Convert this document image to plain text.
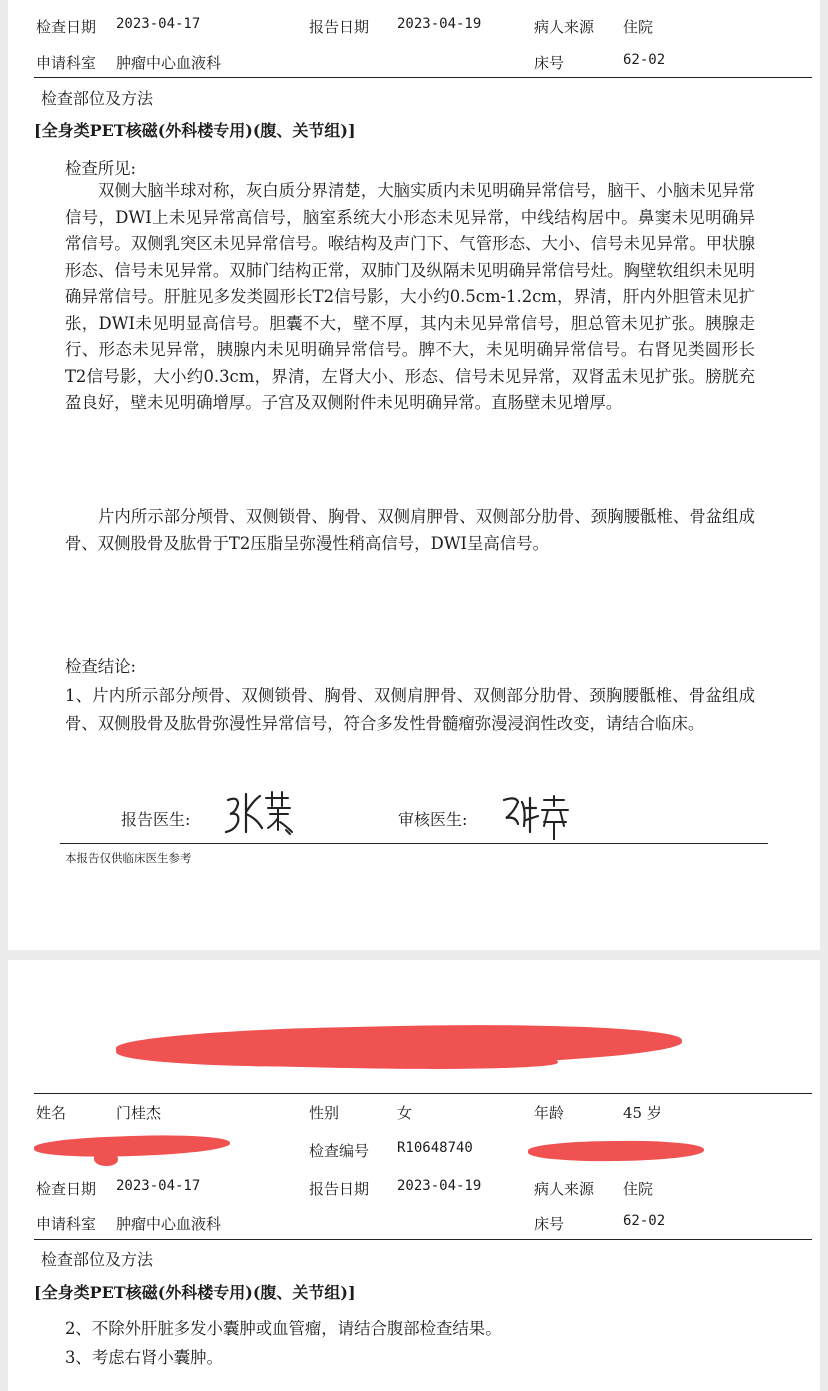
检查日期 2023-04-17	报告日期 2023-04-19	病人来源 住院
申请科室 肿瘤中心血液科	床号	62-02
检查部位及方法
[全身类PET核磁(外科楼专用)(腹、关节组)]
检查所见:
双侧大脑半球对称，灰白质分界清楚，大脑实质内未见明确异常信号，脑干、小脑未见异常信号，DWI上未见异常高信号，脑室系统大小形态未见异常，中线结构居中。鼻窦未见明确异常信号。双侧乳突区未见异常信号。喉结构及声门下、气管形态、大小、信号未见异常。甲状腺形态、信号未见异常。双肺门结构正常，双肺门及纵隔未见明确异常信号灶。胸壁软组织未见明确异常信号。肝脏见多发类圆形长T2信号影，大小约0.5cm-1.2cm，界清，肝内外胆管未见扩张，DWI未见明显高信号。胆囊不大，壁不厚，其内未见异常信号，胆总管未见扩张。胰腺走行、形态未见异常，胰腺内未见明确异常信号。脾不大，未见明确异常信号。右肾见类圆形长T2信号影，大小约0.3cm，界清，左肾大小、形态、信号未见异常，双肾盂未见扩张。膀胱充盈良好，壁未见明确增厚。子宫及双侧附件未见明确异常。直肠壁未见增厚。
片内所示部分颅骨、双侧锁骨、胸骨、双侧肩胛骨、双侧部分肋骨、颈胸腰骶椎、骨盆组成骨、双侧股骨及肱骨于T2压脂呈弥漫性稍高信号，DWI呈高信号。
检查结论:
1、片内所示部分颅骨、双侧锁骨、胸骨、双侧肩胛骨、双侧部分肋骨、颈胸腰骶椎、骨盆组成骨、双侧股骨及肱骨弥漫性异常信号，符合多发性骨髓瘤弥漫浸润性改变，请结合临床。
报告医生:	审核医生:
本报告仅供临床医生参考
姓名	门桂杰	性别	女	年龄	45 岁
检查编号 R10648740
检查日期 2023-04-17	报告日期 2023-04-19	病人来源 住院
申请科室 肿瘤中心血液科	床号	62-02
检查部位及方法
[全身类PET核磁(外科楼专用)(腹、关节组)]
2、不除外肝脏多发小囊肿或血管瘤，请结合腹部检查结果。
3、考虑右肾小囊肿。
